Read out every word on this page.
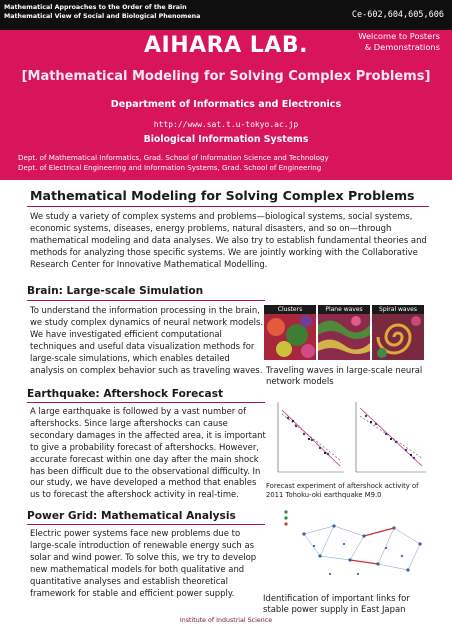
Mathematical Approaches to the Order of the Brain
Mathematical View of Social and Biological Phenomena	Ce-602,604,605,606
AIHARA LAB.	Welcome to Posters
& Demonstrations
[Mathematical Modeling for Solving Complex Problems]
Department of Informatics and Electronics
http://www.sat.t.u-tokyo.ac.jp
Biological Information Systems
Dept. of Mathematical Informatics, Grad. School of Information Science and Technology
Dept. of Electrical Engineering and Information Systems, Grad. School of Engineering
Mathematical Modeling for Solving Complex Problems
We study a variety of complex systems and problems—biological systems, social systems, economic systems, diseases, energy problems, natural disasters, and so on—through mathematical modeling and data analyses. We also try to establish fundamental theories and methods for analyzing those specific systems. We are jointly working with the Collaborative Research Center for Innovative Mathematical Modelling.
Brain: Large-scale Simulation
To understand the information processing in the brain, we study complex dynamics of neural network models. We have investigated efficient computational techniques and useful data visualization methods for large-scale simulations, which enables detailed analysis on complex behavior such as traveling waves.
Clusters	Plane waves	Spiral waves
Traveling waves in large-scale neural network models
Earthquake: Aftershock Forecast
A large earthquake is followed by a vast number of aftershocks. Since large aftershocks can cause secondary damages in the affected area, it is important to give a probability forecast of aftershocks. However, accurate forecast within one day after the main shock has been difficult due to the observational difficulty. In our study, we have developed a method that enables us to forecast the aftershock activity in real-time.
Forecast experiment of aftershock activity of 2011 Tohoku-oki earthquake M9.0
Power Grid: Mathematical Analysis
Electric power systems face new problems due to large-scale introduction of renewable energy such as solar and wind power. To solve this, we try to develop new mathematical models for both qualitative and quantitative analyses and establish theoretical framework for stable and efficient power supply.
Identification of important links for stable power supply in East Japan
Institute of Industrial Science
